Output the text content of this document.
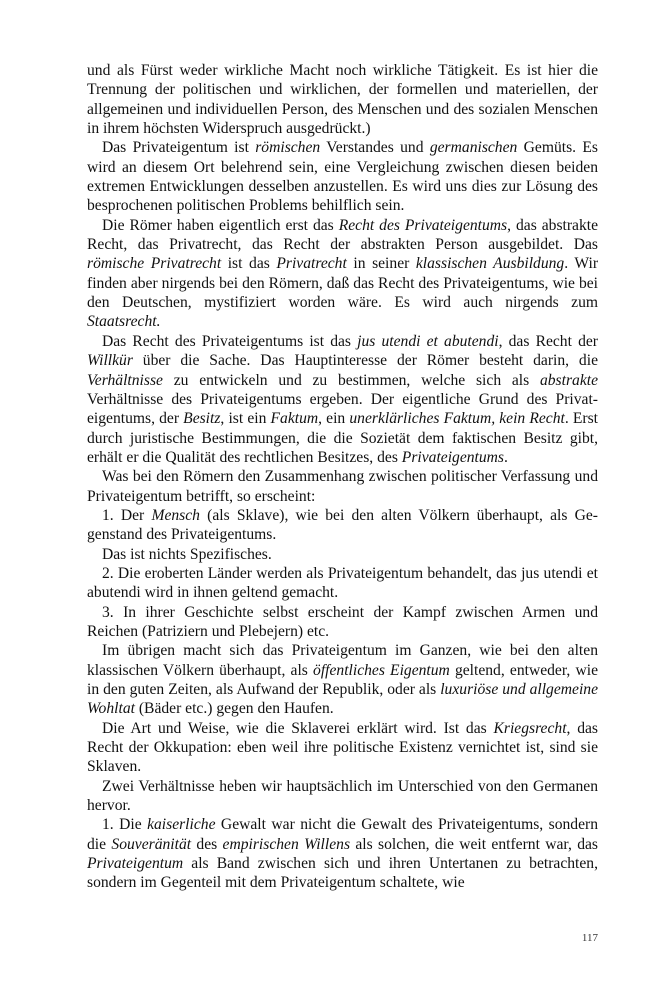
und als Fürst weder wirkliche Macht noch wirkliche Tätigkeit. Es ist hier die Trennung der politischen und wirklichen, der formellen und materiellen, der allgemeinen und individuellen Person, des Menschen und des sozialen Menschen in ihrem höchsten Widerspruch ausgedrückt.)

Das Privateigentum ist römischen Verstandes und germanischen Gemüts. Es wird an diesem Ort belehrend sein, eine Vergleichung zwischen diesen beiden extremen Entwicklungen desselben anzustellen. Es wird uns dies zur Lösung des besprochenen politischen Problems behilflich sein.

Die Römer haben eigentlich erst das Recht des Privateigentums, das abstrakte Recht, das Privatrecht, das Recht der abstrakten Person ausgebildet. Das römische Privatrecht ist das Privatrecht in seiner klassischen Ausbildung. Wir finden aber nirgends bei den Römern, daß das Recht des Privateigentums, wie bei den Deutschen, mystifiziert worden wäre. Es wird auch nirgends zum Staatsrecht.

Das Recht des Privateigentums ist das jus utendi et abutendi, das Recht der Willkür über die Sache. Das Hauptinteresse der Römer besteht darin, die Verhältnisse zu entwickeln und zu bestimmen, welche sich als abstrakte Verhältnisse des Privateigentums ergeben. Der eigentliche Grund des Privateigentums, der Besitz, ist ein Faktum, ein unerklärliches Faktum, kein Recht. Erst durch juristische Bestimmungen, die die Sozietät dem faktischen Besitz gibt, erhält er die Qualität des rechtlichen Besitzes, des Privateigentums.

Was bei den Römern den Zusammenhang zwischen politischer Verfassung und Privateigentum betrifft, so erscheint:

1. Der Mensch (als Sklave), wie bei den alten Völkern überhaupt, als Gegenstand des Privateigentums.

Das ist nichts Spezifisches.

2. Die eroberten Länder werden als Privateigentum behandelt, das jus utendi et abutendi wird in ihnen geltend gemacht.

3. In ihrer Geschichte selbst erscheint der Kampf zwischen Armen und Reichen (Patriziern und Plebejern) etc.

Im übrigen macht sich das Privateigentum im Ganzen, wie bei den alten klassischen Völkern überhaupt, als öffentliches Eigentum geltend, entweder, wie in den guten Zeiten, als Aufwand der Republik, oder als luxuriöse und allgemeine Wohltat (Bäder etc.) gegen den Haufen.

Die Art und Weise, wie die Sklaverei erklärt wird. Ist das Kriegsrecht, das Recht der Okkupation: eben weil ihre politische Existenz vernichtet ist, sind sie Sklaven.

Zwei Verhältnisse heben wir hauptsächlich im Unterschied von den Germanen hervor.

1. Die kaiserliche Gewalt war nicht die Gewalt des Privateigentums, sondern die Souveränität des empirischen Willens als solchen, die weit entfernt war, das Privateigentum als Band zwischen sich und ihren Untertanen zu betrachten, sondern im Gegenteil mit dem Privateigentum schaltete, wie

117
